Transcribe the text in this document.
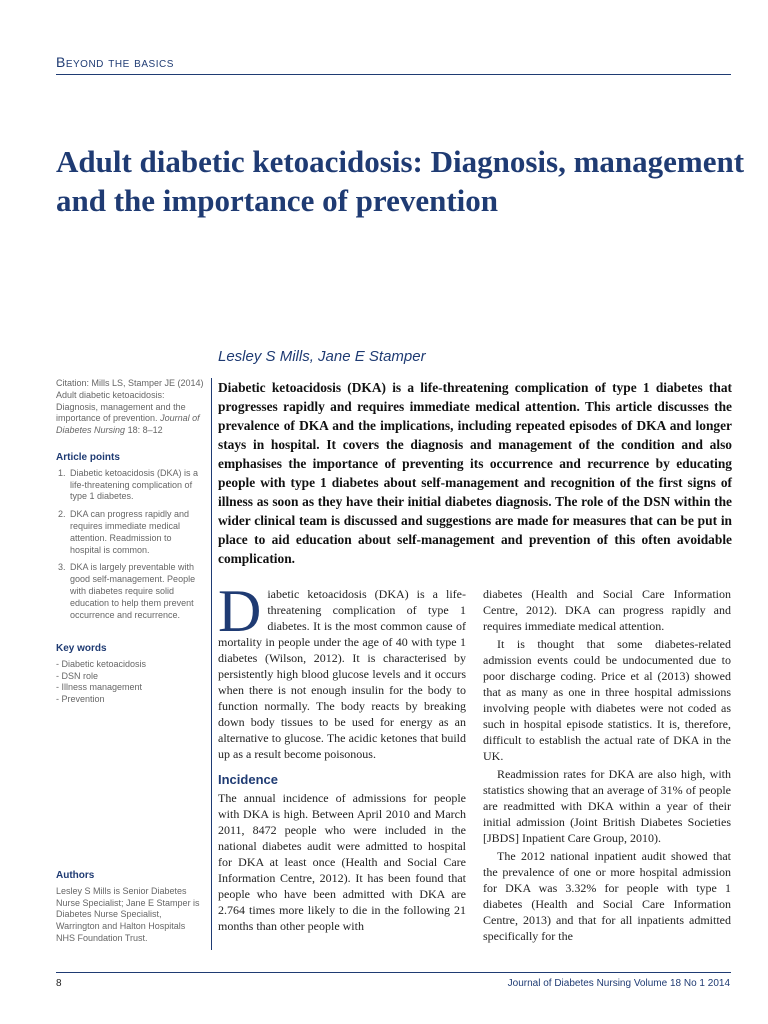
Beyond the basics
Adult diabetic ketoacidosis: Diagnosis, management and the importance of prevention
Lesley S Mills, Jane E Stamper
Citation: Mills LS, Stamper JE (2014) Adult diabetic ketoacidosis: Diagnosis, management and the importance of prevention. Journal of Diabetes Nursing 18: 8–12
Article points
1. Diabetic ketoacidosis (DKA) is a life-threatening complication of type 1 diabetes.
2. DKA can progress rapidly and requires immediate medical attention. Readmission to hospital is common.
3. DKA is largely preventable with good self-management. People with diabetes require solid education to help them prevent occurrence and recurrence.
Key words
- Diabetic ketoacidosis
- DSN role
- Illness management
- Prevention
Authors
Lesley S Mills is Senior Diabetes Nurse Specialist; Jane E Stamper is Diabetes Nurse Specialist, Warrington and Halton Hospitals NHS Foundation Trust.
Diabetic ketoacidosis (DKA) is a life-threatening complication of type 1 diabetes that progresses rapidly and requires immediate medical attention. This article discusses the prevalence of DKA and the implications, including repeated episodes of DKA and longer stays in hospital. It covers the diagnosis and management of the condition and also emphasises the importance of preventing its occurrence and recurrence by educating people with type 1 diabetes about self-management and recognition of the first signs of illness as soon as they have their initial diabetes diagnosis. The role of the DSN within the wider clinical team is discussed and suggestions are made for measures that can be put in place to aid education about self-management and prevention of this often avoidable complication.

Diabetic ketoacidosis (DKA) is a life-threatening complication of type 1 diabetes. It is the most common cause of mortality in people under the age of 40 with type 1 diabetes (Wilson, 2012). It is characterised by persistently high blood glucose levels and it occurs when there is not enough insulin for the body to function normally. The body reacts by breaking down body tissues to be used for energy as an alternative to glucose. The acidic ketones that build up as a result become poisonous.

Incidence

The annual incidence of admissions for people with DKA is high. Between April 2010 and March 2011, 8472 people who were included in the national diabetes audit were admitted to hospital for DKA at least once (Health and Social Care Information Centre, 2012). It has been found that people who have been admitted with DKA are 2.764 times more likely to die in the following 21 months than other people with

diabetes (Health and Social Care Information Centre, 2012). DKA can progress rapidly and requires immediate medical attention.

It is thought that some diabetes-related admission events could be undocumented due to poor discharge coding. Price et al (2013) showed that as many as one in three hospital admissions involving people with diabetes were not coded as such in hospital episode statistics. It is, therefore, difficult to establish the actual rate of DKA in the UK.

Readmission rates for DKA are also high, with statistics showing that an average of 31% of people are readmitted with DKA within a year of their initial admission (Joint British Diabetes Societies [JBDS] Inpatient Care Group, 2010).

The 2012 national inpatient audit showed that the prevalence of one or more hospital admission for DKA was 3.32% for people with type 1 diabetes (Health and Social Care Information Centre, 2013) and that for all inpatients admitted specifically for the

8	Journal of Diabetes Nursing Volume 18 No 1 2014
